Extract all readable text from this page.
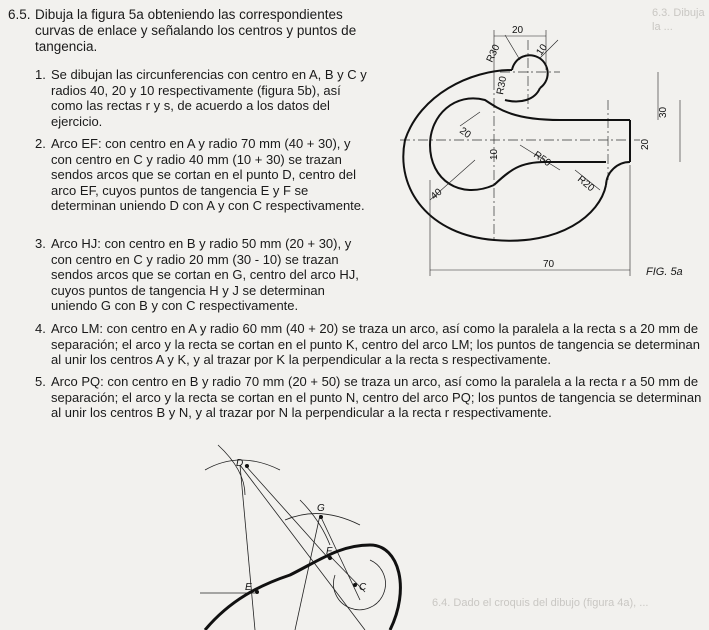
6.3. Dibuja la ...
6.4. Dado el croquis del dibujo (figura 4a), ...
6.5. Dibuja la figura 5a obteniendo las correspondientes curvas de enlace y señalando los centros y puntos de tangencia.
1. Se dibujan las circunferencias con centro en A, B y C y radios 40, 20 y 10 respectivamente (figura 5b), así como las rectas r y s, de acuerdo a los datos del ejercicio.
2. Arco EF: con centro en A y radio 70 mm (40 + 30), y con centro en C y radio 40 mm (10 + 30) se trazan sendos arcos que se cortan en el punto D, centro del arco EF, cuyos puntos de tangencia E y F se determinan uniendo D con A y con C respectivamente.
3. Arco HJ: con centro en B y radio 50 mm (20 + 30), y con centro en C y radio 20 mm (30 - 10) se trazan sendos arcos que se cortan en G, centro del arco HJ, cuyos puntos de tangencia H y J se determinan uniendo G con B y con C respectivamente.
4. Arco LM: con centro en A y radio 60 mm (40 + 20) se traza un arco, así como la paralela a la recta s a 20 mm de separación; el arco y la recta se cortan en el punto K, centro del arco LM; los puntos de tangencia se determinan al unir los centros A y K, y al trazar por K la perpendicular a la recta s respectivamente.
5. Arco PQ: con centro en B y radio 70 mm (20 + 50) se traza un arco, así como la paralela a la recta r a 50 mm de separación; el arco y la recta se cortan en el punto N, centro del arco PQ; los puntos de tangencia se determinan al unir los centros B y N, y al trazar por N la perpendicular a la recta r respectivamente.
20
10
R30
R30
30
20
20
10	R50
R20
40
70
D
G
F
E	C
FIG. 5a
